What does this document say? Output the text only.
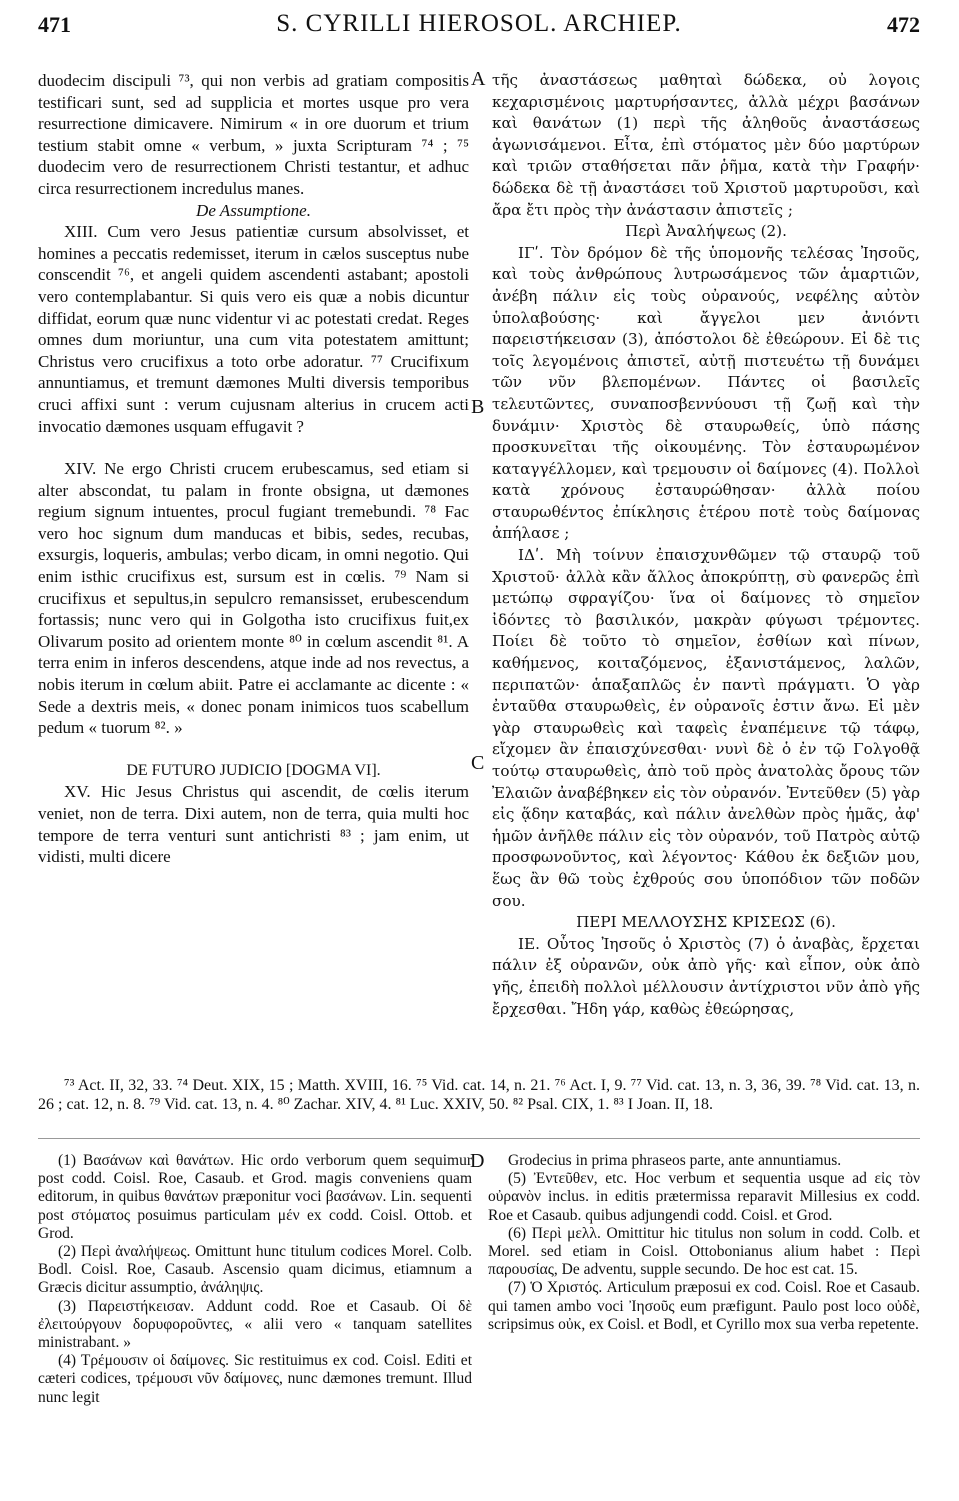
471	S. CYRILLI HIEROSOL. ARCHIEP.	472

duodecim discipuli ⁷³, qui non verbis ad gratiam compositis testificari sunt, sed ad supplicia et mortes usque pro vera resurrectione dimicavere. Nimirum « in ore duorum et trium testium stabit omne « verbum, » juxta Scripturam ⁷⁴ ; ⁷⁵ duodecim vero de resurrectionem Christi testantur, et adhuc circa resurrectionem incredulus manes.

De Assumptione.

XIII. Cum vero Jesus patientiæ cursum absolvisset, et homines a peccatis redemisset, iterum in cælos susceptus nube conscendit ⁷⁶, et angeli quidem ascendenti astabant; apostoli vero contemplabantur. Si quis vero eis quæ a nobis dicuntur diffidat, eorum quæ nunc videntur vi ac potestati credat. Reges omnes dum moriuntur, una cum vita potestatem amittunt; Christus vero crucifixus a toto orbe adoratur. ⁷⁷ Crucifixum annuntiamus, et tremunt dæmones Multi diversis temporibus cruci affixi sunt : verum cujusnam alterius in crucem acti invocatio dæmones usquam effugavit ?

XIV. Ne ergo Christi crucem erubescamus, sed etiam si alter abscondat, tu palam in fronte obsigna, ut dæmones regium signum intuentes, procul fugiant tremebundi. ⁷⁸ Fac vero hoc signum dum manducas et bibis, sedes, recubas, exsurgis, loqueris, ambulas; verbo dicam, in omni negotio. Qui enim isthic crucifixus est, sursum est in cœlis. ⁷⁹ Nam si crucifixus et sepultus,in sepulcro remansisset, erubescendum fortassis; nunc vero qui in Golgotha isto crucifixus fuit,ex Olivarum posito ad orientem monte ⁸⁰ in cœlum ascendit ⁸¹. A terra enim in inferos descendens, atque inde ad nos revectus, a nobis iterum in cœlum abiit. Patre ei acclamante ac dicente : « Sede a dextris meis, « donec ponam inimicos tuos scabellum pedum « tuorum ⁸². »

DE FUTURO JUDICIO [DOGMA VI].

XV. Hic Jesus Christus qui ascendit, de cœlis iterum veniet, non de terra. Dixi autem, non de terra, quia multi hoc tempore de terra venturi sunt antichristi ⁸³ ; jam enim, ut vidisti, multi dicere

A
B
C

τῆς ἀναστάσεως μαθηταὶ δώδεκα, οὐ λογοις κεχαρισμένοις μαρτυρήσαντες, ἀλλὰ μέχρι βασάνων καὶ θανάτων (1) περὶ τῆς ἀληθοῦς ἀναστάσεως ἀγωνισάμενοι. Εἶτα, ἐπὶ στόματος μὲν δύο μαρτύρων καὶ τριῶν σταθήσεται πᾶν ῥῆμα, κατὰ τὴν Γραφήν· δώδεκα δὲ τῇ ἀναστάσει τοῦ Χριστοῦ μαρτυροῦσι, καὶ ἄρα ἔτι πρὸς τὴν ἀνάστασιν ἀπιστεῖς ;

Περὶ Ἀναλήψεως (2).

ΙΓʹ. Τὸν δρόμον δὲ τῆς ὑπομονῆς τελέσας Ἰησοῦς, καὶ τοὺς ἀνθρώπους λυτρωσάμενος τῶν ἁμαρτιῶν, ἀνέβη πάλιν εἰς τοὺς οὐρανούς, νεφέλης αὐτὸν ὑπολαβούσης· καὶ ἄγγελοι μεν ἀνιόντι παρειστήκεισαν (3), ἀπόστολοι δὲ ἐθεώρουν. Εἰ δὲ τις τοῖς λεγομένοις ἀπιστεῖ, αὐτῇ πιστευέτω τῇ δυνάμει τῶν νῦν βλεπομένων. Πάντες οἱ βασιλεῖς τελευτῶντες, συναποσβεννύουσι τῇ ζωῇ καὶ τὴν δυνάμιν· Χριστὸς δὲ σταυρωθείς, ὑπὸ πάσης προσκυνεῖται τῆς οἰκουμένης. Τὸν ἐσταυρωμένον καταγγέλλομεν, καὶ τρεμουσιν οἱ δαίμονες (4). Πολλοὶ κατὰ χρόνους ἐσταυρώθησαν· ἀλλὰ ποίου σταυρωθέντος ἐπίκλησις ἑτέρου ποτὲ τοὺς δαίμονας ἀπήλασε ;

ΙΔʹ. Μὴ τοίνυν ἐπαισχυνθῶμεν τῷ σταυρῷ τοῦ Χριστοῦ· ἀλλὰ κἂν ἄλλος ἀποκρύπτῃ, σὺ φανερῶς ἐπὶ μετώπῳ σφραγίζου· ἵνα οἱ δαίμονες τὸ σημεῖον ἰδόντες τὸ βασιλικόν, μακρὰν φύγωσι τρέμοντες. Ποίει δὲ τοῦτο τὸ σημεῖον, ἐσθίων καὶ πίνων, καθήμενος, κοιταζόμενος, ἐξανιστάμενος, λαλῶν, περιπατῶν· ἁπαξαπλῶς ἐν παντὶ πράγματι. Ὁ γὰρ ἐνταῦθα σταυρωθεὶς, ἐν οὐρανοῖς ἐστιν ἄνω. Εἰ μὲν γὰρ σταυρωθεὶς καὶ ταφεὶς ἐναπέμεινε τῷ τάφῳ, εἴχομεν ἂν ἐπαισχύνεσθαι· νυνὶ δὲ ὁ ἐν τῷ Γολγοθᾷ τούτῳ σταυρωθεὶς, ἀπὸ τοῦ πρὸς ἀνατολὰς ὄρους τῶν Ἐλαιῶν ἀναβέβηκεν εἰς τὸν οὐρανόν. Ἐντεῦθεν (5) γὰρ εἰς ᾅδην καταβάς, καὶ πάλιν ἀνελθὼν πρὸς ἡμᾶς, ἀφ' ἡμῶν ἀνῆλθε πάλιν εἰς τὸν οὐρανόν, τοῦ Πατρὸς αὐτῷ προσφωνοῦντος, καὶ λέγοντος· Κάθου ἐκ δεξιῶν μου, ἕως ἂν θῶ τοὺς ἐχθρούς σου ὑποπόδιον τῶν ποδῶν σου.

ΠΕΡΙ ΜΕΛΛΟΥΣΗΣ ΚΡΙΣΕΩΣ (6).

ΙΕ. Οὗτος Ἰησοῦς ὁ Χριστὸς (7) ὁ ἀναβὰς, ἔρχεται πάλιν ἐξ οὐρανῶν, οὐκ ἀπὸ γῆς· καὶ εἶπον, οὐκ ἀπὸ γῆς, ἐπειδὴ πολλοὶ μέλλουσιν ἀντίχριστοι νῦν ἀπὸ γῆς ἔρχεσθαι. Ἤδη γάρ, καθὼς ἐθεώρησας,

⁷³ Act. II, 32, 33. ⁷⁴ Deut. XIX, 15 ; Matth. XVIII, 16. ⁷⁵ Vid. cat. 14, n. 21. ⁷⁶ Act. I, 9. ⁷⁷ Vid. cat. 13, n. 3, 36, 39. ⁷⁸ Vid. cat. 13, n. 26 ; cat. 12, n. 8. ⁷⁹ Vid. cat. 13, n. 4. ⁸⁰ Zachar. XIV, 4. ⁸¹ Luc. XXIV, 50. ⁸² Psal. CIX, 1. ⁸³ I Joan. II, 18.

(1) Βασάνων καὶ θανάτων. Hic ordo verborum quem sequimur post codd. Coisl. Roe, Casaub. et Grod. magis conveniens quam editorum, in quibus θανάτων præponitur voci βασάνων. Lin. sequenti post στόματος posuimus particulam μέν ex codd. Coisl. Ottob. et Grod.

(2) Περὶ ἀναλήψεως. Omittunt hunc titulum codices Morel. Colb. Bodl. Coisl. Roe, Casaub. Ascensio quam dicimus, etiamnum a Græcis dicitur assumptio, ἀνάληψις.

(3) Παρειστήκεισαν. Addunt codd. Roe et Casaub. Οἱ δὲ ἐλειτούργουν δορυφοροῦντες, « alii vero « tanquam satellites ministrabant. »

(4) Τρέμουσιν οἱ δαίμονες. Sic restituimus ex cod. Coisl. Editi et cæteri codices, τρέμουσι νῦν δαίμονες, nunc dæmones tremunt. Illud nunc legit

D	Grodecius in prima phraseos parte, ante annuntiamus.

(5) Ἐντεῦθεν, etc. Hoc verbum et sequentia usque ad εἰς τὸν οὐρανὸν inclus. in editis prætermissa reparavit Millesius ex codd. Roe et Casaub. quibus adjungendi codd. Coisl. et Grod.

(6) Περὶ μελλ. Omittitur hic titulus non solum in codd. Colb. et Morel. sed etiam in Coisl. Ottobonianus alium habet : Περὶ παρουσίας, De adventu, supple secundo. De hoc est cat. 15.

(7) Ὁ Χριστός. Articulum præposui ex cod. Coisl. Roe et Casaub. qui tamen ambo voci Ἰησοῦς eum præfigunt. Paulo post loco οὐδὲ, scripsimus οὐκ, ex Coisl. et Bodl, et Cyrillo mox sua verba repetente.
